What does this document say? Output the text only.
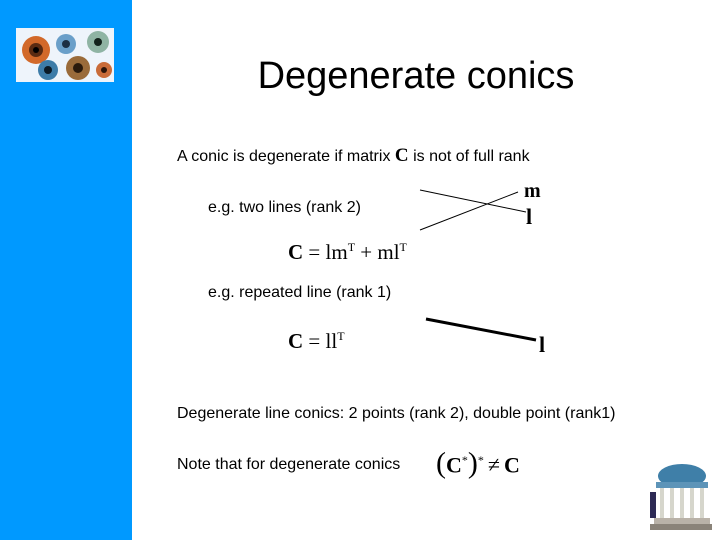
Degenerate conics
A conic is degenerate if matrix C is not of full rank
e.g. two lines (rank 2)
$C = lm^T + ml^T$
m
l
e.g. repeated line (rank 1)
$C = ll^T$	l
Degenerate line conics: 2 points (rank 2), double point (rank1)
Note that for degenerate conics (C*)* ≠ C
